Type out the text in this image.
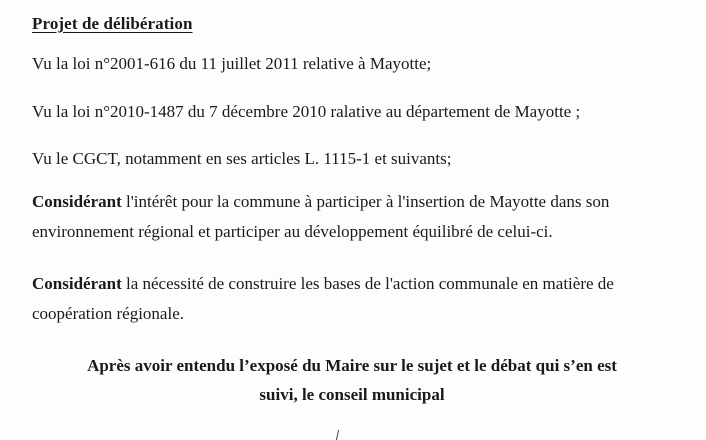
Projet de délibération

Vu la loi n°2001-616 du 11 juillet 2011 relative à Mayotte;

Vu la loi n°2010-1487 du 7 décembre 2010 ralative au département de Mayotte ;

Vu le CGCT, notamment en ses articles L. 1115-1 et suivants;

Considérant l'intérêt pour la commune à participer à l'insertion de Mayotte dans son
environnement régional et participer au développement équilibré de celui-ci.

Considérant la nécessité de construire les bases de l'action communale en matière de
coopération régionale.

Après avoir entendu l’exposé du Maire sur le sujet et le débat qui s’en est
suivi, le conseil municipal
